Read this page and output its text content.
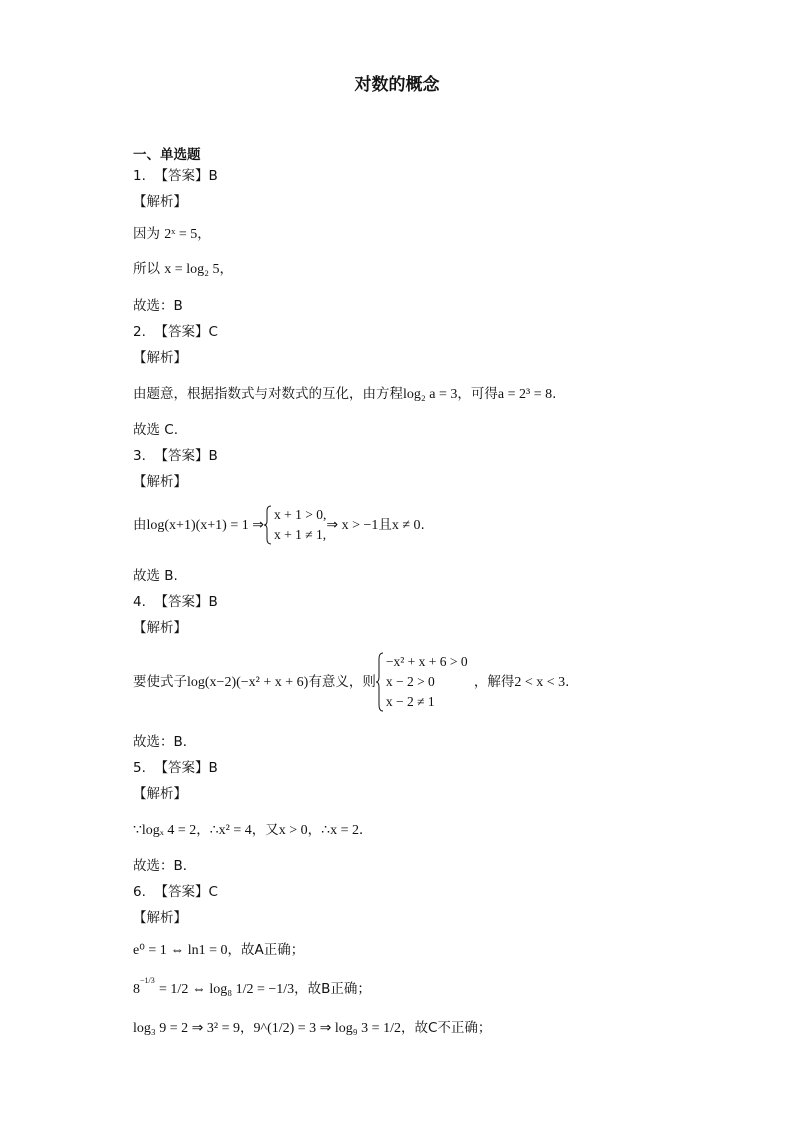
对数的概念
一、单选题
1. 【答案】B
【解析】
因为 2ˣ = 5，
所以 x = log₂ 5，
故选：B
2. 【答案】C
【解析】
由题意，根据指数式与对数式的互化，由方程log₂ a = 3，可得a = 2³ = 8.
故选 C.
3. 【答案】B
【解析】
由log(x+1)(x+1) = 1 ⇒
x + 1 > 0,
x + 1 ≠ 1,
⇒ x > −1且x ≠ 0.
故选 B.
4. 【答案】B
【解析】
要使式子log(x−2)(−x² + x + 6)有意义，则
−x² + x + 6 > 0
x − 2 > 0
x − 2 ≠ 1
，解得2 < x < 3.
故选：B．
5. 【答案】B
【解析】
∵logₓ 4 = 2，∴x² = 4，又x > 0，∴x = 2．
故选：B．
6. 【答案】C
【解析】
e⁰ = 1 ⇔ ln1 = 0，故A正确；
$8^{-1/3} = 1/2$ ⇔ log₈ 1/2 = −1/3，故B正确；
log₃ 9 = 2 ⇒ 3² = 9，9^(1/2) = 3 ⇒ log₉ 3 = 1/2，故C不正确；
